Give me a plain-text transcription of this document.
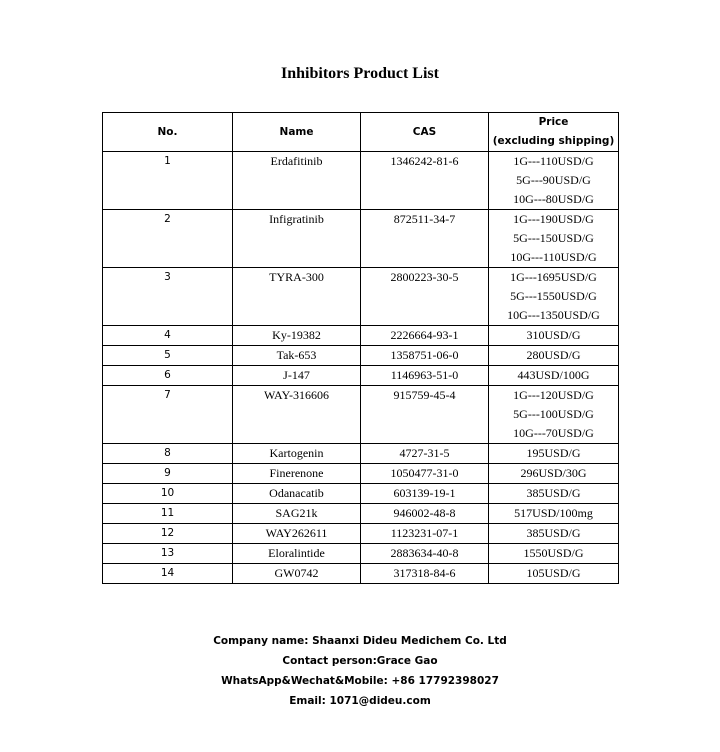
Inhibitors Product List
No.	Name	CAS	Price
(excluding shipping)

1	Erdafitinib	1346242-81-6	1G---110USD/G
5G---90USD/G
10G---80USD/G

2	Infigratinib	872511-34-7	1G---190USD/G
5G---150USD/G
10G---110USD/G

3	TYRA-300	2800223-30-5	1G---1695USD/G
5G---1550USD/G
10G---1350USD/G

4	Ky-19382	2226664-93-1	310USD/G

5	Tak-653	1358751-06-0	280USD/G

6	J-147	1146963-51-0	443USD/100G

7	WAY-316606	915759-45-4	1G---120USD/G
5G---100USD/G
10G---70USD/G

8	Kartogenin	4727-31-5	195USD/G

9	Finerenone	1050477-31-0	296USD/30G

10	Odanacatib	603139-19-1	385USD/G

11	SAG21k	946002-48-8	517USD/100mg

12	WAY262611	1123231-07-1	385USD/G

13	Eloralintide	2883634-40-8	1550USD/G

14	GW0742	317318-84-6	105USD/G
Company name: Shaanxi Dideu Medichem Co. Ltd
Contact person:Grace Gao
WhatsApp&Wechat&Mobile: +86 17792398027
Email: 1071@dideu.com
